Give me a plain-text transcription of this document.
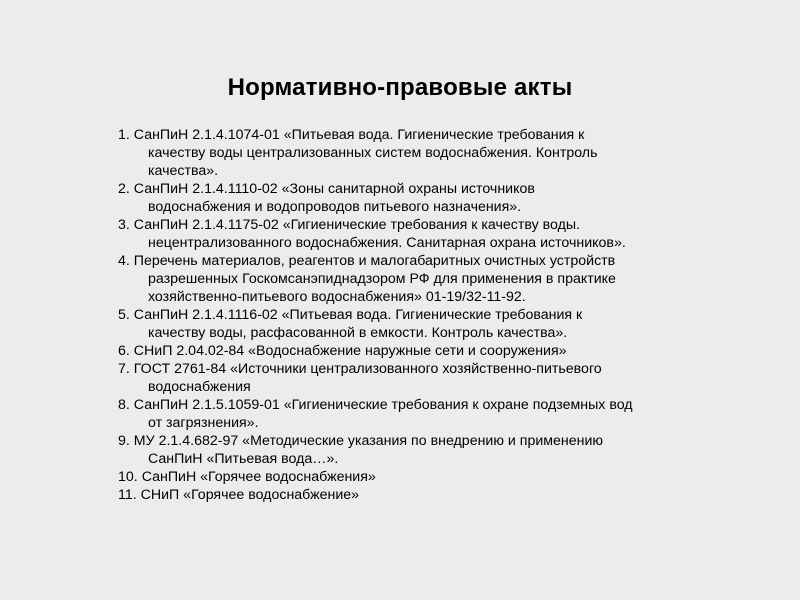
Нормативно-правовые акты
1. СанПиН 2.1.4.1074-01 «Питьевая вода. Гигиенические требования к
качеству воды централизованных систем водоснабжения. Контроль
качества».
2. СанПиН 2.1.4.1110-02 «Зоны санитарной охраны источников
водоснабжения и водопроводов питьевого назначения».
3. СанПиН 2.1.4.1175-02 «Гигиенические требования к качеству воды.
нецентрализованного водоснабжения. Санитарная охрана источников».
4. Перечень материалов, реагентов и малогабаритных очистных устройств
разрешенных Госкомсанэпиднадзором РФ для применения в практике
хозяйственно-питьевого водоснабжения» 01-19/32-11-92.
5. СанПиН 2.1.4.1116-02 «Питьевая вода. Гигиенические требования к
качеству воды, расфасованной в емкости. Контроль качества».
6. СНиП 2.04.02-84 «Водоснабжение наружные сети и сооружения»
7. ГОСТ 2761-84 «Источники централизованного хозяйственно-питьевого
водоснабжения
8. СанПиН 2.1.5.1059-01 «Гигиенические требования к охране подземных вод
от загрязнения».
9. МУ 2.1.4.682-97 «Методические указания по внедрению и применению
СанПиН «Питьевая вода…».
10. СанПиН «Горячее водоснабжения»
11. СНиП «Горячее водоснабжение»
